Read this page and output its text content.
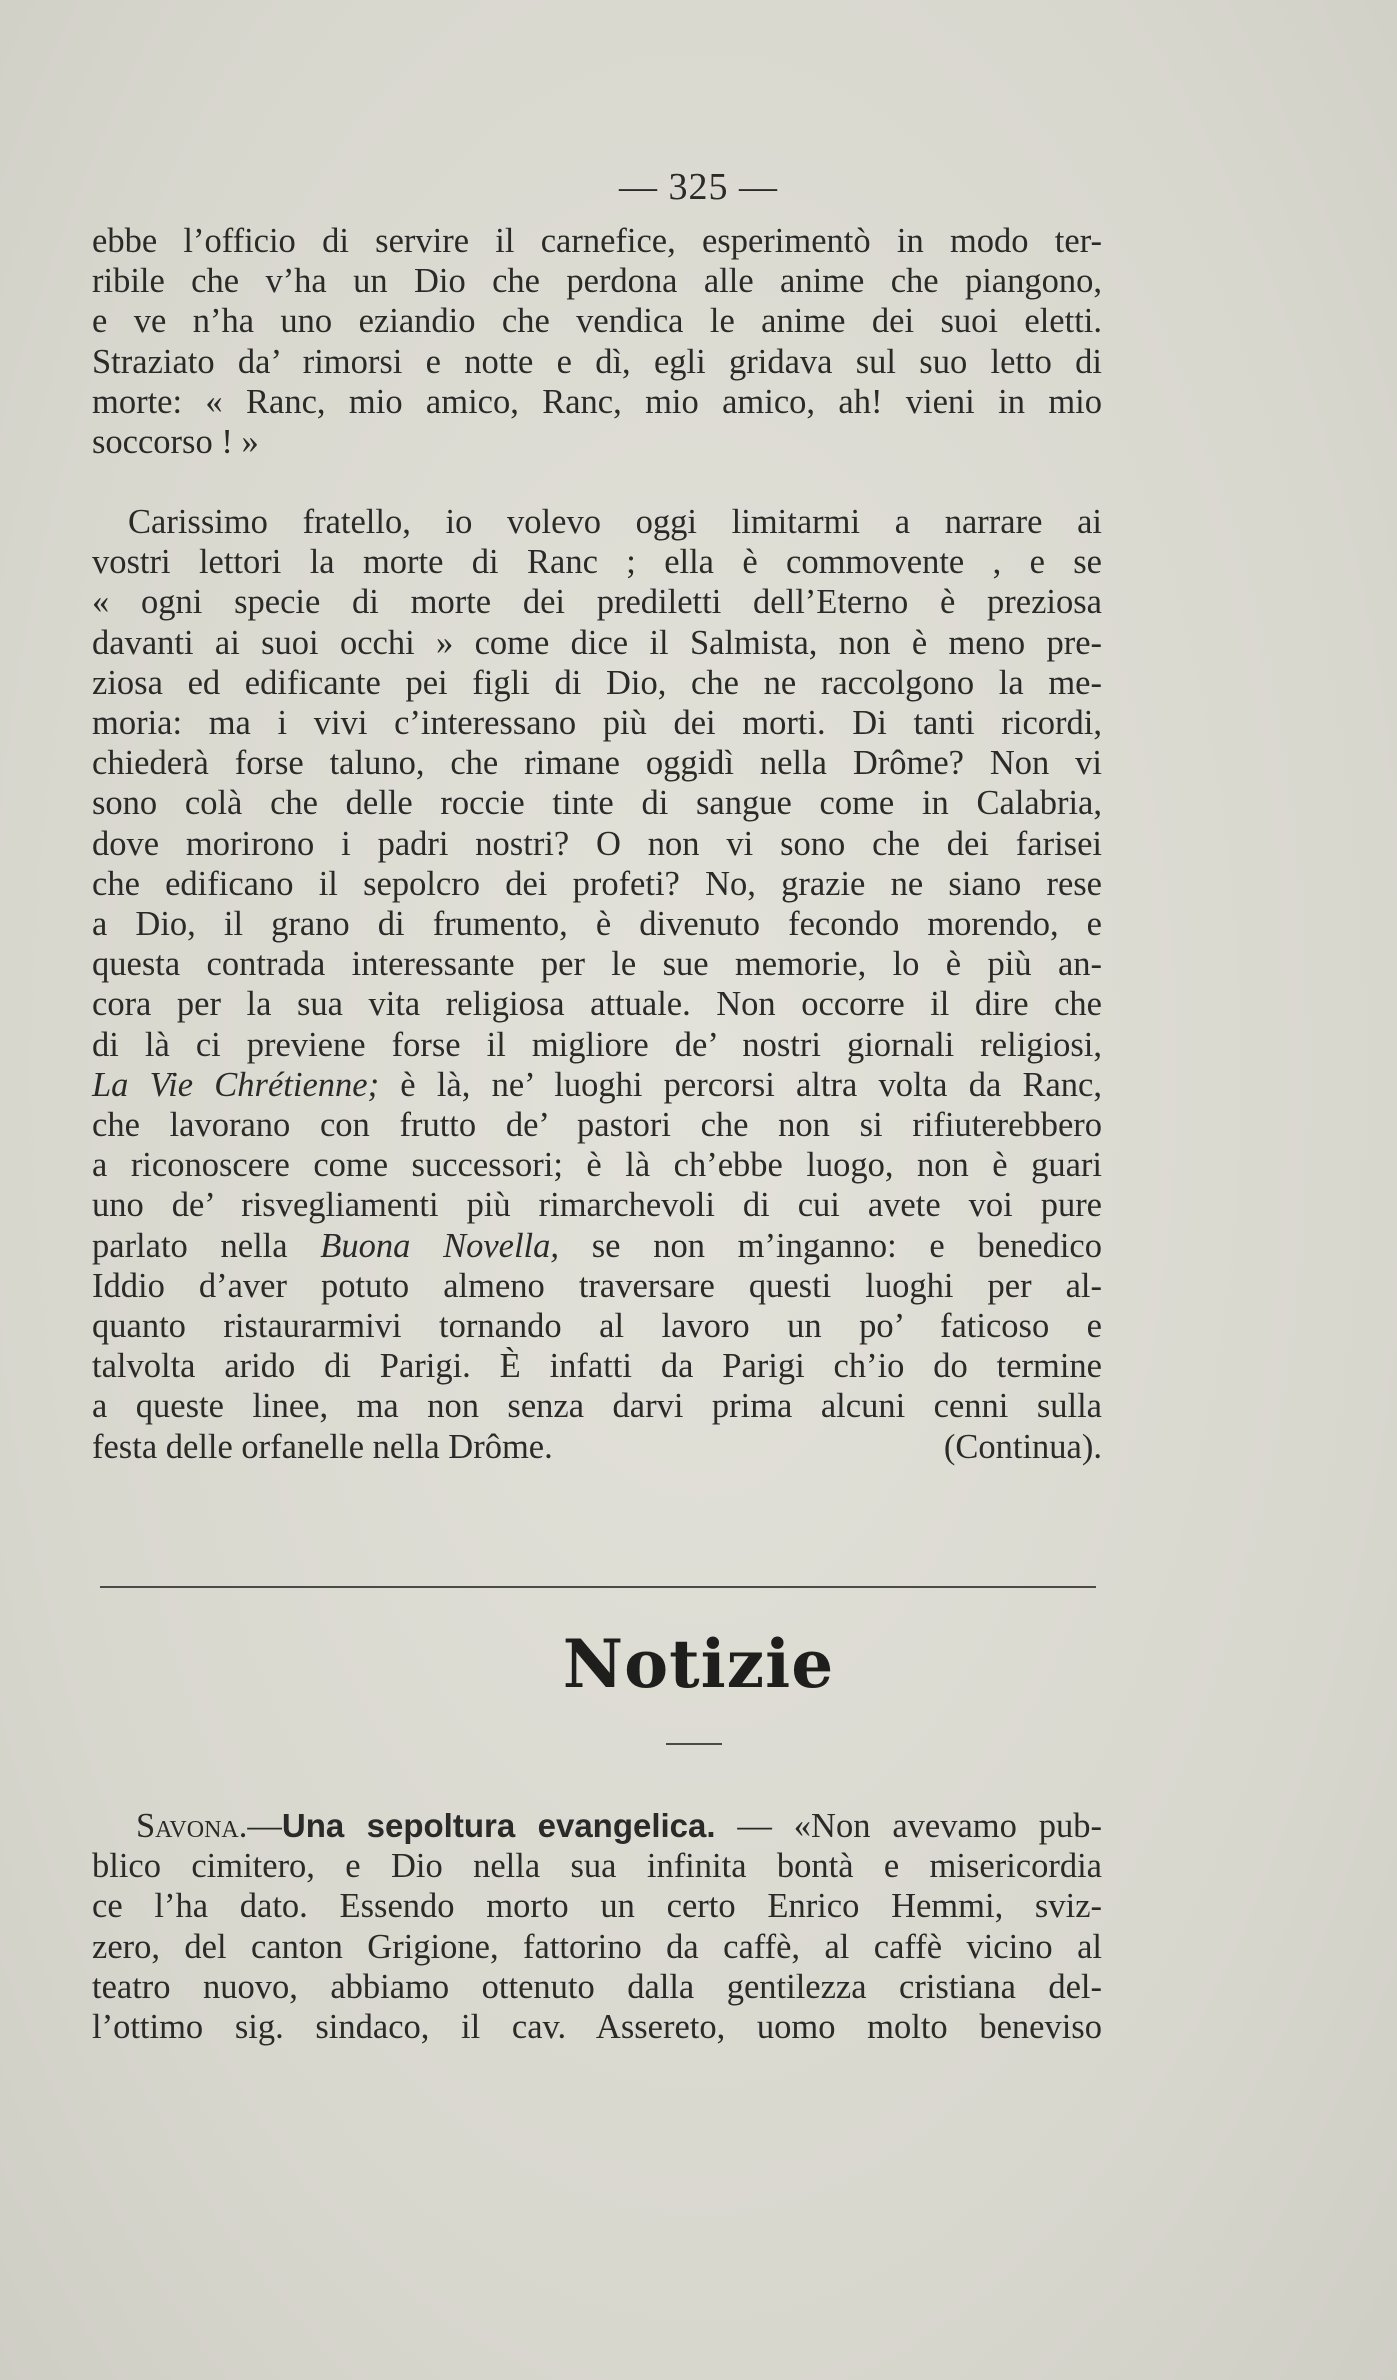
— 325 —
ebbe l’officio di servire il carnefice, esperimentò in modo ter-
ribile che v’ha un Dio che perdona alle anime che piangono,
e ve n’ha uno eziandio che vendica le anime dei suoi eletti.
Straziato da’ rimorsi e notte e dì, egli gridava sul suo letto di
morte: « Ranc, mio amico, Ranc, mio amico, ah! vieni in mio
soccorso ! »
Carissimo fratello, io volevo oggi limitarmi a narrare ai
vostri lettori la morte di Ranc ; ella è commovente , e se
« ogni specie di morte dei prediletti dell’Eterno è preziosa
davanti ai suoi occhi » come dice il Salmista, non è meno pre-
ziosa ed edificante pei figli di Dio, che ne raccolgono la me-
moria: ma i vivi c’interessano più dei morti. Di tanti ricordi,
chiederà forse taluno, che rimane oggidì nella Drôme? Non vi
sono colà che delle roccie tinte di sangue come in Calabria,
dove morirono i padri nostri? O non vi sono che dei farisei
che edificano il sepolcro dei profeti? No, grazie ne siano rese
a Dio, il grano di frumento, è divenuto fecondo morendo, e
questa contrada interessante per le sue memorie, lo è più an-
cora per la sua vita religiosa attuale. Non occorre il dire che
di là ci previene forse il migliore de’ nostri giornali religiosi,
La Vie Chrétienne; è là, ne’ luoghi percorsi altra volta da Ranc,
che lavorano con frutto de’ pastori che non si rifiuterebbero
a riconoscere come successori; è là ch’ebbe luogo, non è guari
uno de’ risvegliamenti più rimarchevoli di cui avete voi pure
parlato nella Buona Novella, se non m’inganno: e benedico
Iddio d’aver potuto almeno traversare questi luoghi per al-
quanto ristaurarmivi tornando al lavoro un po’ faticoso e
talvolta arido di Parigi. È infatti da Parigi ch’io do termine
a queste linee, ma non senza darvi prima alcuni cenni sulla
festa delle orfanelle nella Drôme.	(Continua).
Notizie
Savona.—Una sepoltura evangelica. — «Non avevamo pub-
blico cimitero, e Dio nella sua infinita bontà e misericordia
ce l’ha dato. Essendo morto un certo Enrico Hemmi, sviz-
zero, del canton Grigione, fattorino da caffè, al caffè vicino al
teatro nuovo, abbiamo ottenuto dalla gentilezza cristiana del-
l’ottimo sig. sindaco, il cav. Assereto, uomo molto beneviso
